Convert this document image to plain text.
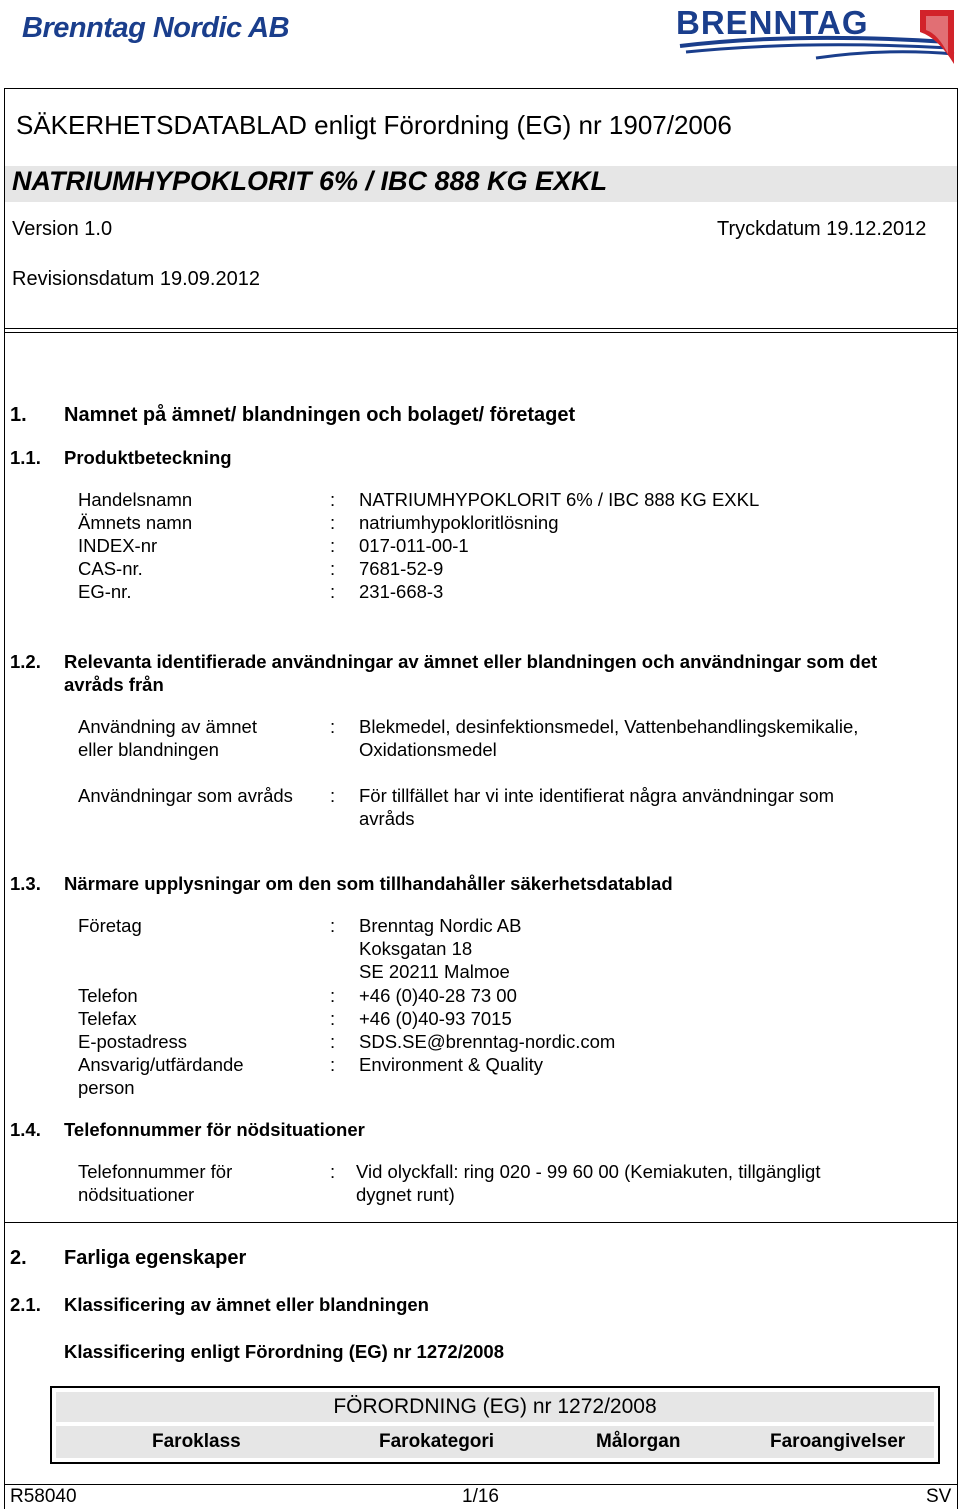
Brenntag Nordic AB	BRENNTAG
SÄKERHETSDATABLAD enligt Förordning (EG) nr 1907/2006
NATRIUMHYPOKLORIT 6% / IBC 888 KG EXKL
Version 1.0	Tryckdatum 19.12.2012
Revisionsdatum 19.09.2012
1. Namnet på ämnet/ blandningen och bolaget/ företaget
1.1. Produktbeteckning
Handelsnamn	: NATRIUMHYPOKLORIT 6% / IBC 888 KG EXKL
Ämnets namn	: natriumhypokloritlösning
INDEX-nr	: 017-011-00-1
CAS-nr.	: 7681-52-9
EG-nr.	: 231-668-3
1.2. Relevanta identifierade användningar av ämnet eller blandningen och användningar som det
avråds från
Användning av ämnet
eller blandningen
: Blekmedel, desinfektionsmedel, Vattenbehandlingskemikalie,
Oxidationsmedel
Användningar som avråds : För tillfället har vi inte identifierat några användningar som
avråds
1.3. Närmare upplysningar om den som tillhandahåller säkerhetsdatablad
Företag	: Brenntag Nordic AB
Koksgatan 18
SE 20211 Malmoe
Telefon	: +46 (0)40-28 73 00
Telefax	: +46 (0)40-93 7015
E-postadress	: SDS.SE@brenntag-nordic.com
Ansvarig/utfärdande
person
: Environment & Quality
1.4. Telefonnummer för nödsituationer
Telefonnummer för
nödsituationer
: Vid olyckfall: ring 020 - 99 60 00 (Kemiakuten, tillgängligt
dygnet runt)
2. Farliga egenskaper
2.1. Klassificering av ämnet eller blandningen
Klassificering enligt Förordning (EG) nr 1272/2008
FÖRORDNING (EG) nr 1272/2008
Faroklass	Farokategori	Målorgan	Faroangivelser
R58040	1/16	SV
